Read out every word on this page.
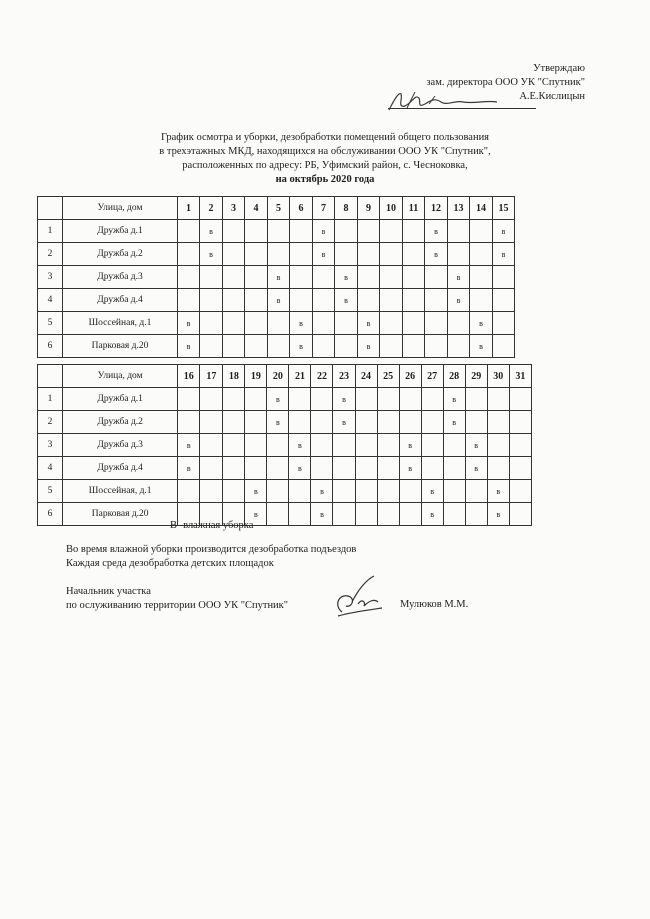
Утверждаю
зам. директора ООО УК "Спутник"
А.Е.Кислицын
График осмотра и уборки, дезобработки помещений общего пользования
в трехэтажных МКД, находящихся на обслуживании ООО УК "Спутник",
расположенных по адресу: РБ, Уфимский район, с. Чесноковка,
на октябрь 2020 года
	Улица, дом	1	2	3	4	5	6	7	8	9	10	11	12	13	14	15
1	Дружба д.1		в					в					в			в
2	Дружба д.2		в					в					в			в
3	Дружба д.3					в			в					в		
4	Дружба д.4					в			в					в		
5	Шоссейная, д.1	в					в			в					в	
6	Парковая д.20	в					в			в					в	
	Улица, дом	16	17	18	19	20	21	22	23	24	25	26	27	28	29	30	31
1	Дружба д.1					в			в					в			
2	Дружба д.2					в			в					в			
3	Дружба д.3	в					в					в			в		
4	Дружба д.4	в					в					в			в		
5	Шоссейная, д.1				в			в					в			в	
6	Парковая д.20				в			в					в			в	
В -влажная уборка
Во время влажной уборки производится дезобработка подъездов
Каждая среда дезобработка детских площадок
Начальник участка
по ослуживанию территории ООО УК "Спутник"	Мулюков М.М.
